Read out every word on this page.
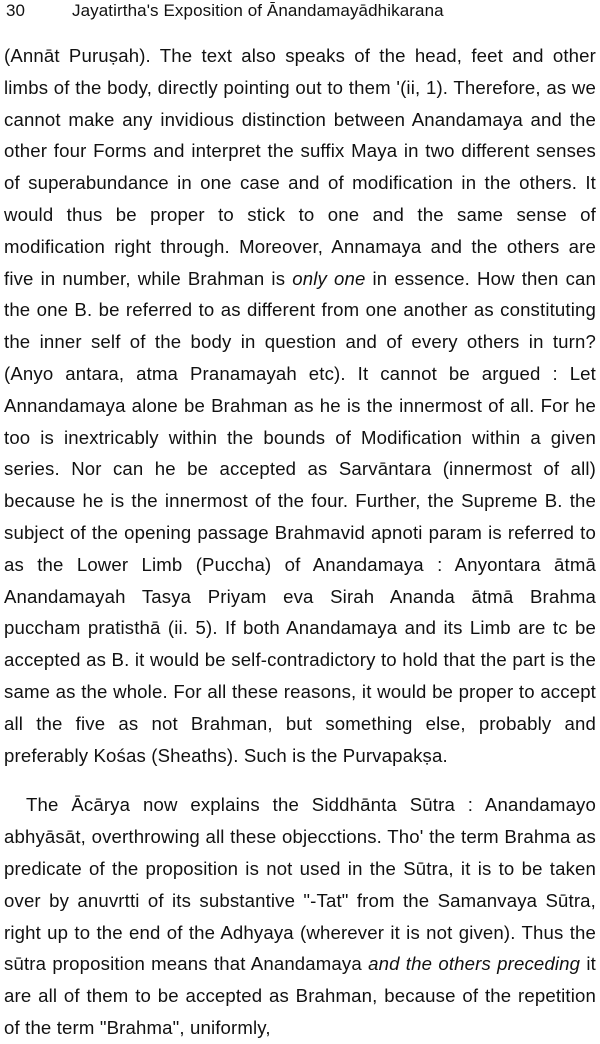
30	Jayatirtha's Exposition of Ānandamayādhikarana

(Annāt Puruṣah). The text also speaks of the head, feet and other limbs of the body, directly pointing out to them '(ii, 1). Therefore, as we cannot make any invidious distinction between Anandamaya and the other four Forms and interpret the suffix Maya in two different senses of superabundance in one case and of modification in the others. It would thus be proper to stick to one and the same sense of modification right through. Moreover, Annamaya and the others are five in number, while Brahman is only one in essence. How then can the one B. be referred to as different from one another as constituting the inner self of the body in question and of every others in turn? (Anyo antara, atma Pranamayah etc). It cannot be argued : Let Annandamaya alone be Brahman as he is the innermost of all. For he too is inextricably within the bounds of Modification within a given series. Nor can he be accepted as Sarvāntara (innermost of all) because he is the innermost of the four. Further, the Supreme B. the subject of the opening passage Brahmavid apnoti param is referred to as the Lower Limb (Puccha) of Anandamaya : Anyontara ātmā Anandamayah Tasya Priyam eva Sirah Ananda ātmā Brahma puccham pratisthā (ii. 5). If both Anandamaya and its Limb are tc be accepted as B. it would be self-contradictory to hold that the part is the same as the whole. For all these reasons, it would be proper to accept all the five as not Brahman, but something else, probably and preferably Kośas (Sheaths). Such is the Purvapakṣa.

The Ācārya now explains the Siddhānta Sūtra : Anandamayo abhyāsāt, overthrowing all these objecctions. Tho' the term Brahma as predicate of the proposition is not used in the Sūtra, it is to be taken over by anuvrtti of its substantive "-Tat" from the Samanvaya Sūtra, right up to the end of the Adhyaya (wherever it is not given). Thus the sūtra proposition means that Anandamaya and the others preceding it are all of them to be accepted as Brahman, because of the repetition of the term "Brahma", uniformly,
